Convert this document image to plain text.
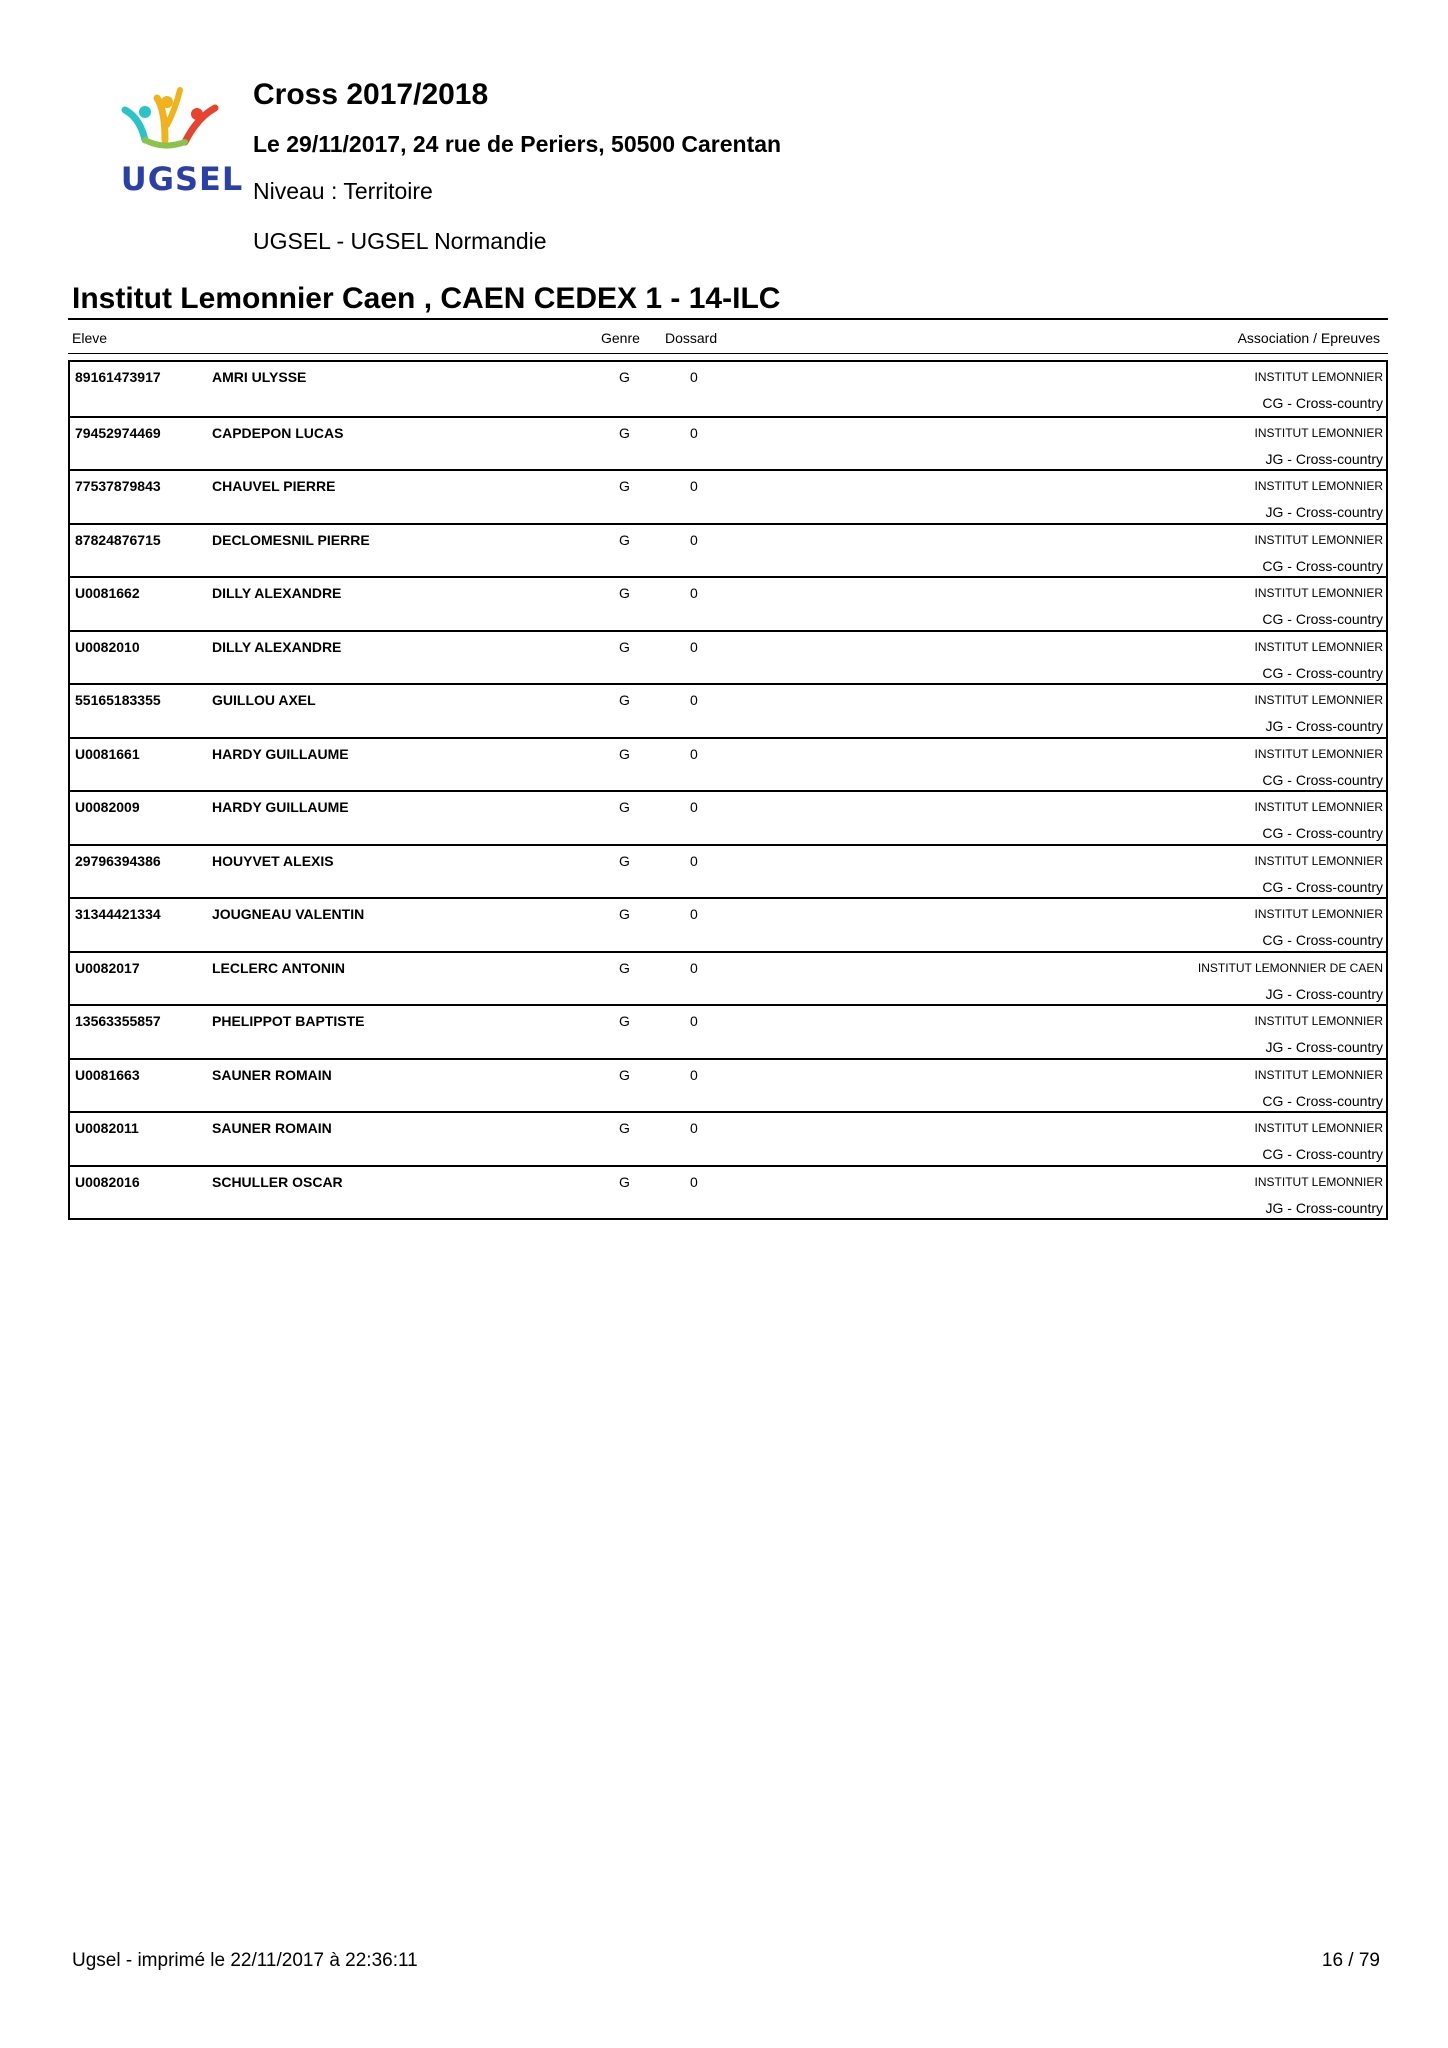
UGSEL
Cross 2017/2018
Le 29/11/2017, 24 rue de Periers, 50500 Carentan
Niveau : Territoire
UGSEL - UGSEL Normandie
Institut Lemonnier Caen , CAEN CEDEX 1 - 14-ILC
Eleve	Genre Dossard	Association / Epreuves
89161473917	AMRI ULYSSE	G	0	INSTITUT LEMONNIER
CG - Cross-country
79452974469	CAPDEPON LUCAS	G	0	INSTITUT LEMONNIER
JG - Cross-country
77537879843	CHAUVEL PIERRE	G	0	INSTITUT LEMONNIER
JG - Cross-country
87824876715	DECLOMESNIL PIERRE	G	0	INSTITUT LEMONNIER
CG - Cross-country
U0081662	DILLY ALEXANDRE	G	0	INSTITUT LEMONNIER
CG - Cross-country
U0082010	DILLY ALEXANDRE	G	0	INSTITUT LEMONNIER
CG - Cross-country
55165183355	GUILLOU AXEL	G	0	INSTITUT LEMONNIER
JG - Cross-country
U0081661	HARDY GUILLAUME	G	0	INSTITUT LEMONNIER
CG - Cross-country
U0082009	HARDY GUILLAUME	G	0	INSTITUT LEMONNIER
CG - Cross-country
29796394386	HOUYVET ALEXIS	G	0	INSTITUT LEMONNIER
CG - Cross-country
31344421334	JOUGNEAU VALENTIN	G	0	INSTITUT LEMONNIER
CG - Cross-country
U0082017	LECLERC ANTONIN	G	0	INSTITUT LEMONNIER DE CAEN
JG - Cross-country
13563355857	PHELIPPOT BAPTISTE	G	0	INSTITUT LEMONNIER
JG - Cross-country
U0081663	SAUNER ROMAIN	G	0	INSTITUT LEMONNIER
CG - Cross-country
U0082011	SAUNER ROMAIN	G	0	INSTITUT LEMONNIER
CG - Cross-country
U0082016	SCHULLER OSCAR	G	0	INSTITUT LEMONNIER
JG - Cross-country
Ugsel - imprimé le 22/11/2017 à 22:36:11	16 / 79
